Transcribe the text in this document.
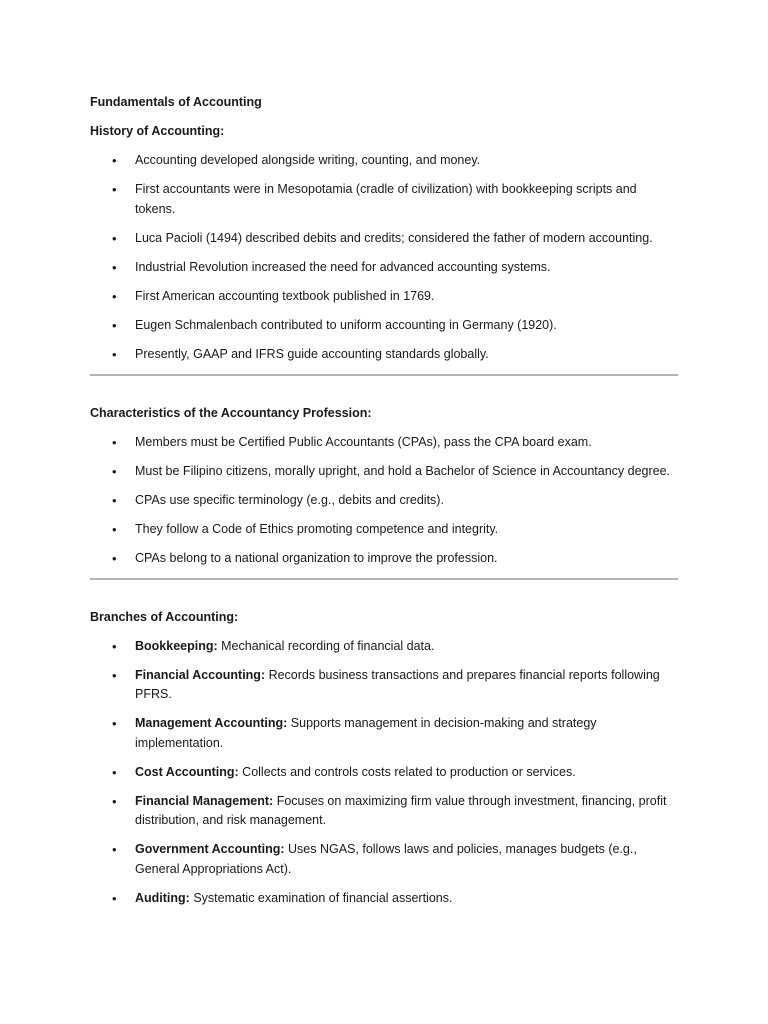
Fundamentals of Accounting
History of Accounting:
• Accounting developed alongside writing, counting, and money.
• First accountants were in Mesopotamia (cradle of civilization) with bookkeeping scripts and tokens.
• Luca Pacioli (1494) described debits and credits; considered the father of modern accounting.
• Industrial Revolution increased the need for advanced accounting systems.
• First American accounting textbook published in 1769.
• Eugen Schmalenbach contributed to uniform accounting in Germany (1920).
• Presently, GAAP and IFRS guide accounting standards globally.
Characteristics of the Accountancy Profession:
• Members must be Certified Public Accountants (CPAs), pass the CPA board exam.
• Must be Filipino citizens, morally upright, and hold a Bachelor of Science in Accountancy degree.
• CPAs use specific terminology (e.g., debits and credits).
• They follow a Code of Ethics promoting competence and integrity.
• CPAs belong to a national organization to improve the profession.
Branches of Accounting:
• Bookkeeping: Mechanical recording of financial data.
• Financial Accounting: Records business transactions and prepares financial reports following PFRS.
• Management Accounting: Supports management in decision-making and strategy implementation.
• Cost Accounting: Collects and controls costs related to production or services.
• Financial Management: Focuses on maximizing firm value through investment, financing, profit distribution, and risk management.
• Government Accounting: Uses NGAS, follows laws and policies, manages budgets (e.g., General Appropriations Act).
• Auditing: Systematic examination of financial assertions.
